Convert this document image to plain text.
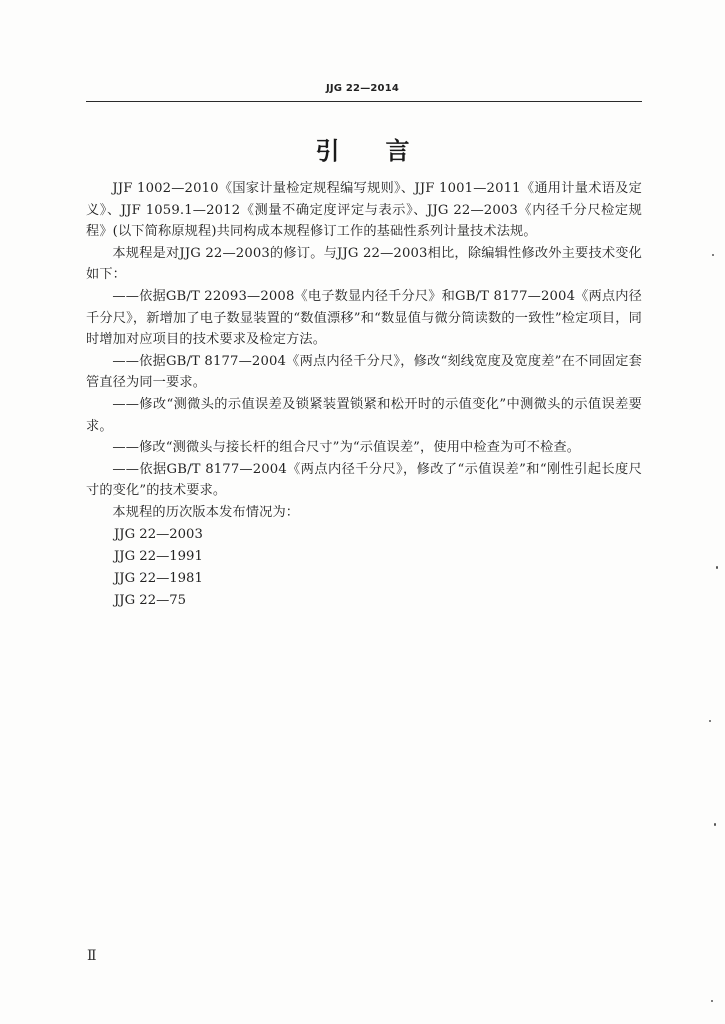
JJG 22—2014
引 言

JJF 1002—2010《国家计量检定规程编写规则》、JJF 1001—2011《通用计量术语及定义》、JJF 1059.1—2012《测量不确定度评定与表示》、JJG 22—2003《内径千分尺检定规程》(以下简称原规程)共同构成本规程修订工作的基础性系列计量技术法规。

本规程是对JJG 22—2003的修订。与JJG 22—2003相比，除编辑性修改外主要技术变化如下：

——依据GB/T 22093—2008《电子数显内径千分尺》和GB/T 8177—2004《两点内径千分尺》，新增加了电子数显装置的“数值漂移”和“数显值与微分筒读数的一致性”检定项目，同时增加对应项目的技术要求及检定方法。

——依据GB/T 8177—2004《两点内径千分尺》，修改“刻线宽度及宽度差”在不同固定套管直径为同一要求。

——修改“测微头的示值误差及锁紧装置锁紧和松开时的示值变化”中测微头的示值误差要求。

——修改“测微头与接长杆的组合尺寸”为“示值误差”，使用中检查为可不检查。

——依据GB/T 8177—2004《两点内径千分尺》，修改了“示值误差”和“刚性引起长度尺寸的变化”的技术要求。

本规程的历次版本发布情况为：

JJG 22—2003

JJG 22—1991

JJG 22—1981

JJG 22—75

Ⅱ
